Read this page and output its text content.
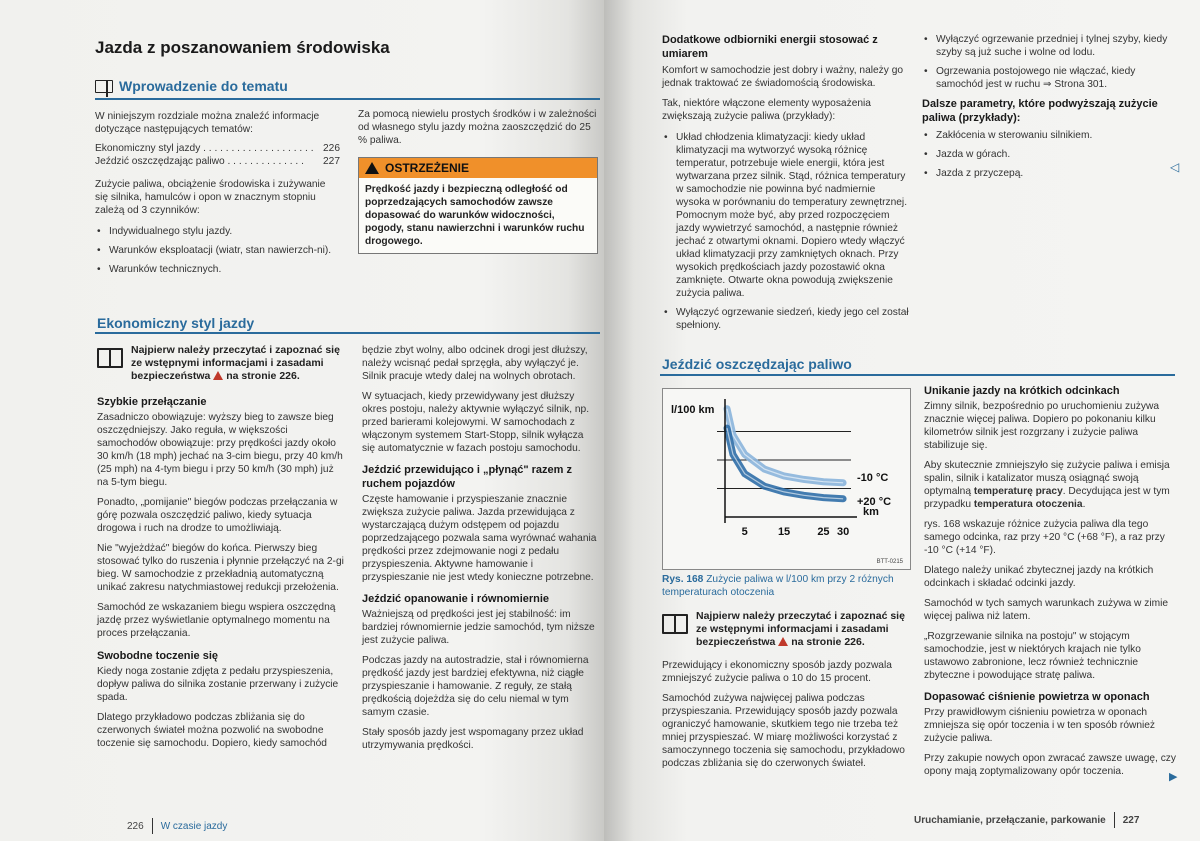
Jazda z poszanowaniem środowiska
Wprowadzenie do tematu

W niniejszym rozdziale można znaleźć informacje dotyczące następujących tematów:

Ekonomiczny styl jazdy . . . . . . . . . . . . . . . . . . . . 226
Jeździć oszczędzając paliwo . . . . . . . . . . . . . . 227

Zużycie paliwa, obciążenie środowiska i zużywanie się silnika, hamulców i opon w znacznym stopniu zależą od 3 czynników:

• Indywidualnego stylu jazdy.
• Warunków eksploatacji (wiatr, stan nawierzch-ni).
• Warunków technicznych.

Za pomocą niewielu prostych środków i w zależności od własnego stylu jazdy można zaoszczędzić do 25 % paliwa.

OSTRZEŻENIE

Prędkość jazdy i bezpieczną odległość od poprzedzających samochodów zawsze dopasować do warunków widoczności, pogody, stanu nawierzchni i warunków ruchu drogowego.

Ekonomiczny styl jazdy

Najpierw należy przeczytać i zapoznać się ze wstępnymi informacjami i zasadami bezpieczeństwa na stronie 226.

Szybkie przełączanie

Zasadniczo obowiązuje: wyższy bieg to zawsze bieg oszczędniejszy. Jako reguła, w większości samochodów obowiązuje: przy prędkości jazdy około 30 km/h (18 mph) jechać na 3-cim biegu, przy 40 km/h (25 mph) na 4-tym biegu i przy 50 km/h (30 mph) już na 5-tym biegu.

Ponadto, „pomijanie" biegów podczas przełączania w górę pozwala oszczędzić paliwo, kiedy sytuacja drogowa i ruch na drodze to umożliwiają.

Nie "wyjeżdżać" biegów do końca. Pierwszy bieg stosować tylko do ruszenia i płynnie przełączyć na 2-gi bieg. W samochodzie z przekładnią automatyczną unikać zakresu natychmiastowej redukcji przełożenia.

Samochód ze wskazaniem biegu wspiera oszczędną jazdę przez wyświetlanie optymalnego momentu na proces przełączania.

Swobodne toczenie się

Kiedy noga zostanie zdjęta z pedału przyspieszenia, dopływ paliwa do silnika zostanie przerwany i zużycie spada.

Dlatego przykładowo podczas zbliżania się do czerwonych świateł można pozwolić na swobodne toczenie się samochodu. Dopiero, kiedy samochód

będzie zbyt wolny, albo odcinek drogi jest dłuższy, należy wcisnąć pedał sprzęgła, aby wyłączyć je. Silnik pracuje wtedy dalej na wolnych obrotach.

W sytuacjach, kiedy przewidywany jest dłuższy okres postoju, należy aktywnie wyłączyć silnik, np. przed barierami kolejowymi. W samochodach z włączonym systemem Start-Stopp, silnik wyłącza się automatycznie w fazach postoju samochodu.

Jeździć przewidująco i „płynąć" razem z ruchem pojazdów

Częste hamowanie i przyspieszanie znacznie zwiększa zużycie paliwa. Jazda przewidująca z wystarczającą dużym odstępem od pojazdu poprzedzającego pozwala sama wyrównać wahania prędkości przez zdejmowanie nogi z pedału przyspieszenia. Aktywne hamowanie i przyspieszanie nie jest wtedy konieczne potrzebne.

Jeździć opanowanie i równomiernie

Ważniejszą od prędkości jest jej stabilność: im bardziej równomiernie jedzie samochód, tym niższe jest zużycie paliwa.

Podczas jazdy na autostradzie, stał i równomierna prędkość jazdy jest bardziej efektywna, niż ciągłe przyspieszanie i hamowanie. Z reguły, ze stałą prędkością dojeżdża się do celu niemal w tym samym czasie.

Stały sposób jazdy jest wspomagany przez układ utrzymywania prędkości.

226 W czasie jazdy
Dodatkowe odbiorniki energii stosować z umiarem

Komfort w samochodzie jest dobry i ważny, należy go jednak traktować ze świadomością środowiska.

Tak, niektóre włączone elementy wyposażenia zwiększają zużycie paliwa (przykłady):

• Układ chłodzenia klimatyzacji: kiedy układ klimatyzacji ma wytworzyć wysoką różnicę temperatur, potrzebuje wiele energii, która jest wytwarzana przez silnik. Stąd, różnica temperatury w samochodzie nie powinna być nadmiernie wysoka w porównaniu do temperatury zewnętrznej. Pomocnym może być, aby przed rozpoczęciem jazdy wywietrzyć samochód, a następnie również jechać z otwartymi oknami. Dopiero wtedy włączyć układ klimatyzacji przy zamkniętych oknach. Przy wysokich prędkościach jazdy pozostawić okna zamknięte. Otwarte okna powodują zwiększenie zużycia paliwa.
• Wyłączyć ogrzewanie siedzeń, kiedy jego cel został spełniony.
• Wyłączyć ogrzewanie przedniej i tylnej szyby, kiedy szyby są już suche i wolne od lodu.
• Ogrzewania postojowego nie włączać, kiedy samochód jest w ruchu ⇒ Strona 301.
Dalsze parametry, które podwyższają zużycie paliwa (przykłady):
• Zakłócenia w sterowaniu silnikiem.
• Jazda w górach.
• Jazda z przyczepą.	◁
Jeździć oszczędzając paliwo
l/100 km
5	15 25 30
km
-10 °C
+20 °C
BTT-0215
Rys. 168 Zużycie paliwa w l/100 km przy 2 różnych temperaturach otoczenia

Najpierw należy przeczytać i zapoznać się ze wstępnymi informacjami i zasadami bezpieczeństwa na stronie 226.

Przewidujący i ekonomiczny sposób jazdy pozwala zmniejszyć zużycie paliwa o 10 do 15 procent.

Samochód zużywa najwięcej paliwa podczas przyspieszania. Przewidujący sposób jazdy pozwala ograniczyć hamowanie, skutkiem tego nie trzeba też mniej przyspieszać. W miarę możliwości korzystać z samoczynnego toczenia się samochodu, przykładowo podczas zbliżania się do czerwonych świateł.

Unikanie jazdy na krótkich odcinkach

Zimny silnik, bezpośrednio po uruchomieniu zużywa znacznie więcej paliwa. Dopiero po pokonaniu kilku kilometrów silnik jest rozgrzany i zużycie paliwa stabilizuje się.

Aby skutecznie zmniejszyło się zużycie paliwa i emisja spalin, silnik i katalizator muszą osiągnąć swoją optymalną temperaturę pracy. Decydująca jest w tym przypadku temperatura otoczenia.

rys. 168 wskazuje różnice zużycia paliwa dla tego samego odcinka, raz przy +20 °C (+68 °F), a raz przy -10 °C (+14 °F).

Dlatego należy unikać zbytecznej jazdy na krótkich odcinkach i składać odcinki jazdy.

Samochód w tych samych warunkach zużywa w zimie więcej paliwa niż latem.

„Rozgrzewanie silnika na postoju" w stojącym samochodzie, jest w niektórych krajach nie tylko ustawowo zabronione, lecz również technicznie zbyteczne i powodujące stratę paliwa.

Dopasować ciśnienie powietrza w oponach

Przy prawidłowym ciśnieniu powietrza w oponach zmniejsza się opór toczenia i w ten sposób również zużycie paliwa.

Przy zakupie nowych opon zwracać zawsze uwagę, czy opony mają zoptymalizowany opór toczenia.	▶
Uruchamianie, przełączanie, parkowanie 227
